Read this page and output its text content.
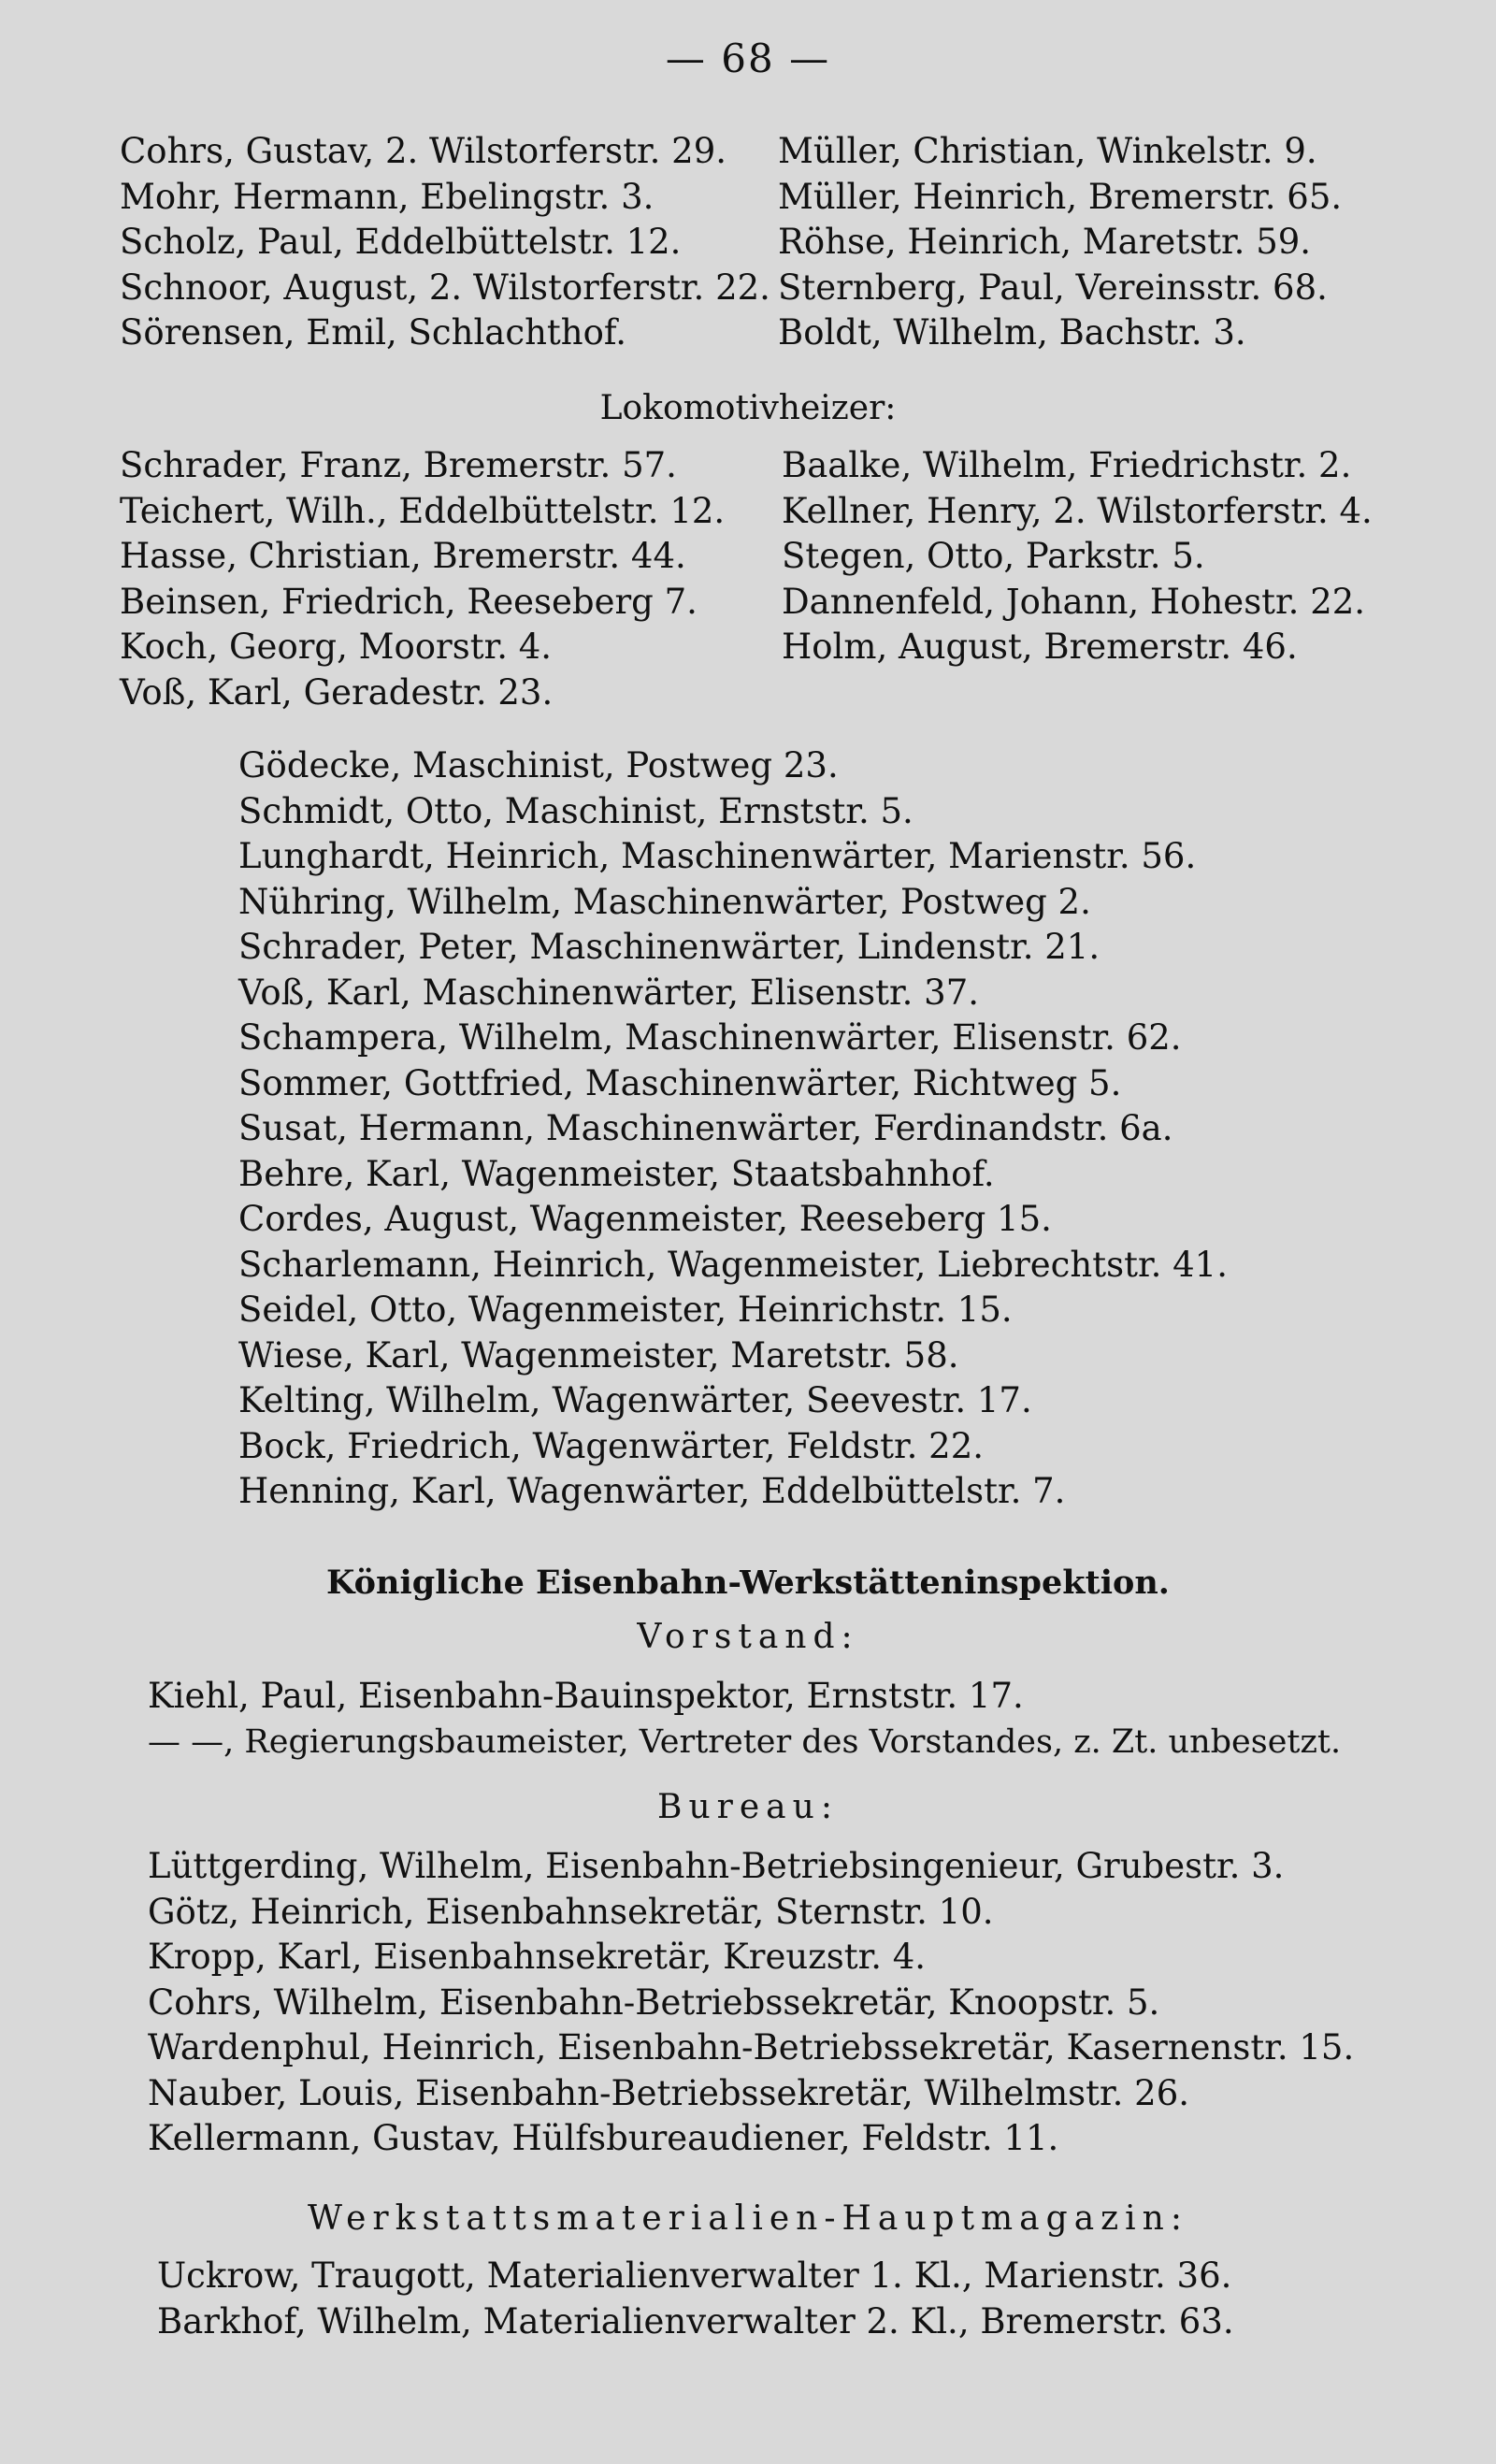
— 68 —
Cohrs, Gustav, 2. Wilstorferstr. 29.
Mohr, Hermann, Ebelingstr. 3.
Scholz, Paul, Eddelbüttelstr. 12.
Schnoor, August, 2. Wilstorferstr. 22.
Sörensen, Emil, Schlachthof.
Müller, Christian, Winkelstr. 9.
Müller, Heinrich, Bremerstr. 65.
Röhse, Heinrich, Maretstr. 59.
Sternberg, Paul, Vereinsstr. 68.
Boldt, Wilhelm, Bachstr. 3.
Lokomotivheizer:
Schrader, Franz, Bremerstr. 57.
Teichert, Wilh., Eddelbüttelstr. 12.
Hasse, Christian, Bremerstr. 44.
Beinsen, Friedrich, Reeseberg 7.
Koch, Georg, Moorstr. 4.
Voß, Karl, Geradestr. 23.
Baalke, Wilhelm, Friedrichstr. 2.
Kellner, Henry, 2. Wilstorferstr. 4.
Stegen, Otto, Parkstr. 5.
Dannenfeld, Johann, Hohestr. 22.
Holm, August, Bremerstr. 46.
Gödecke, Maschinist, Postweg 23.
Schmidt, Otto, Maschinist, Ernststr. 5.
Lunghardt, Heinrich, Maschinenwärter, Marienstr. 56.
Nühring, Wilhelm, Maschinenwärter, Postweg 2.
Schrader, Peter, Maschinenwärter, Lindenstr. 21.
Voß, Karl, Maschinenwärter, Elisenstr. 37.
Schampera, Wilhelm, Maschinenwärter, Elisenstr. 62.
Sommer, Gottfried, Maschinenwärter, Richtweg 5.
Susat, Hermann, Maschinenwärter, Ferdinandstr. 6a.
Behre, Karl, Wagenmeister, Staatsbahnhof.
Cordes, August, Wagenmeister, Reeseberg 15.
Scharlemann, Heinrich, Wagenmeister, Liebrechtstr. 41.
Seidel, Otto, Wagenmeister, Heinrichstr. 15.
Wiese, Karl, Wagenmeister, Maretstr. 58.
Kelting, Wilhelm, Wagenwärter, Seevestr. 17.
Bock, Friedrich, Wagenwärter, Feldstr. 22.
Henning, Karl, Wagenwärter, Eddelbüttelstr. 7.
Königliche Eisenbahn-Werkstätteninspektion.
Vorstand:
Kiehl, Paul, Eisenbahn-Bauinspektor, Ernststr. 17.
— —, Regierungsbaumeister, Vertreter des Vorstandes, z. Zt. unbesetzt.
Bureau:
Lüttgerding, Wilhelm, Eisenbahn-Betriebsingenieur, Grubestr. 3.
Götz, Heinrich, Eisenbahnsekretär, Sternstr. 10.
Kropp, Karl, Eisenbahnsekretär, Kreuzstr. 4.
Cohrs, Wilhelm, Eisenbahn-Betriebssekretär, Knoopstr. 5.
Wardenphul, Heinrich, Eisenbahn-Betriebssekretär, Kasernenstr. 15.
Nauber, Louis, Eisenbahn-Betriebssekretär, Wilhelmstr. 26.
Kellermann, Gustav, Hülfsbureaudiener, Feldstr. 11.
Werkstattsmaterialien-Hauptmagazin:
Uckrow, Traugott, Materialienverwalter 1. Kl., Marienstr. 36.
Barkhof, Wilhelm, Materialienverwalter 2. Kl., Bremerstr. 63.
